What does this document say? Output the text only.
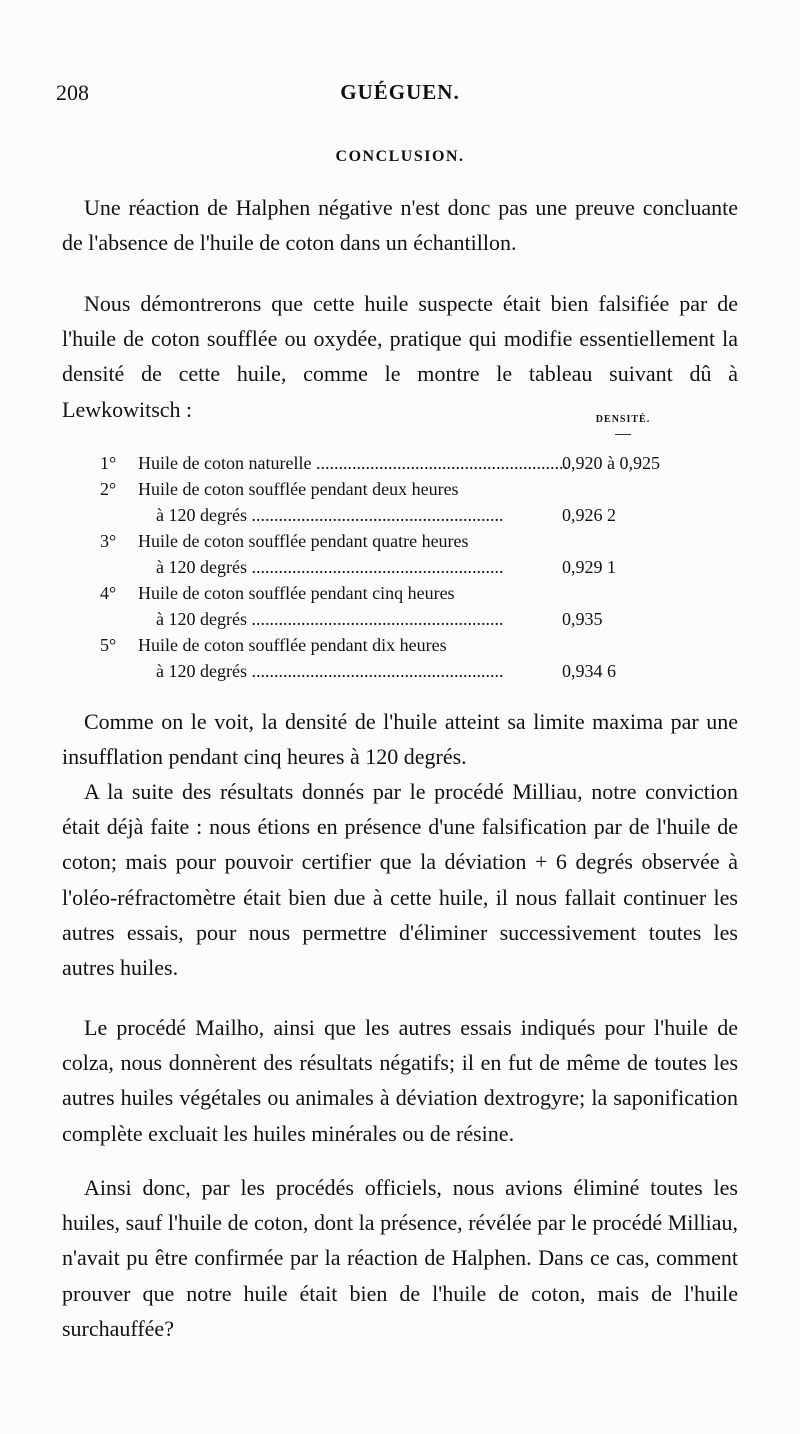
208	GUÉGUEN.
CONCLUSION.

Une réaction de Halphen négative n'est donc pas une preuve concluante de l'absence de l'huile de coton dans un échantillon.

Nous démontrerons que cette huile suspecte était bien falsifiée par de l'huile de coton soufflée ou oxydée, pratique qui modifie essentiellement la densité de cette huile, comme le montre le tableau suivant dû à Lewkowitsch :	DENSITÉ.
1°	Huile de coton naturelle .....	0,920 à 0,925
2°	Huile de coton soufflée pendant deux heures
à 120 degrés .....	0,926 2
3°	Huile de coton soufflée pendant quatre heures
à 120 degrés .....	0,929 1
4°	Huile de coton soufflée pendant cinq heures
à 120 degrés .....	0,935
5°	Huile de coton soufflée pendant dix heures
à 120 degrés .....	0,934 6

Comme on le voit, la densité de l'huile atteint sa limite maxima par une insufflation pendant cinq heures à 120 degrés.

A la suite des résultats donnés par le procédé Milliau, notre conviction était déjà faite : nous étions en présence d'une falsification par de l'huile de coton; mais pour pouvoir certifier que la déviation + 6 degrés observée à l'oléo-réfractomètre était bien due à cette huile, il nous fallait continuer les autres essais, pour nous permettre d'éliminer successivement toutes les autres huiles.

Le procédé Mailho, ainsi que les autres essais indiqués pour l'huile de colza, nous donnèrent des résultats négatifs; il en fut de même de toutes les autres huiles végétales ou animales à déviation dextrogyre; la saponification complète excluait les huiles minérales ou de résine.

Ainsi donc, par les procédés officiels, nous avions éliminé toutes les huiles, sauf l'huile de coton, dont la présence, révélée par le procédé Milliau, n'avait pu être confirmée par la réaction de Halphen. Dans ce cas, comment prouver que notre huile était bien de l'huile de coton, mais de l'huile surchauffée?
